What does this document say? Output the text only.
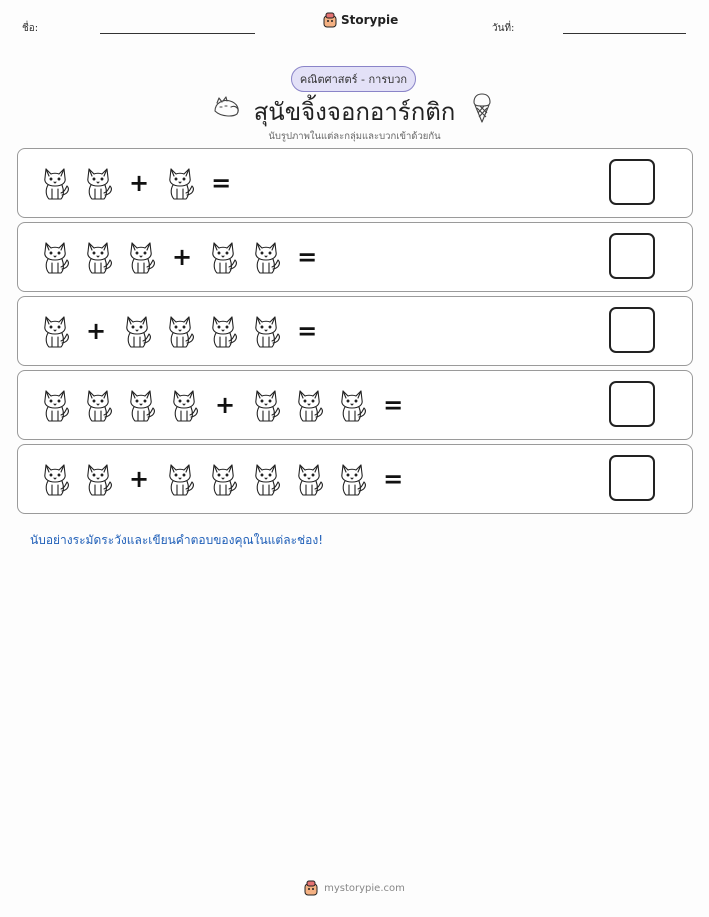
ชื่อ:
Storypie
วันที่:
คณิตศาสตร์ - การบวก
สุนัขจิ้งจอกอาร์กติก
นับรูปภาพในแต่ละกลุ่มและบวกเข้าด้วยกัน
+	=
+	=
+	=
+	=
+	=
นับอย่างระมัดระวังและเขียนคำตอบของคุณในแต่ละช่อง!
mystorypie.com
